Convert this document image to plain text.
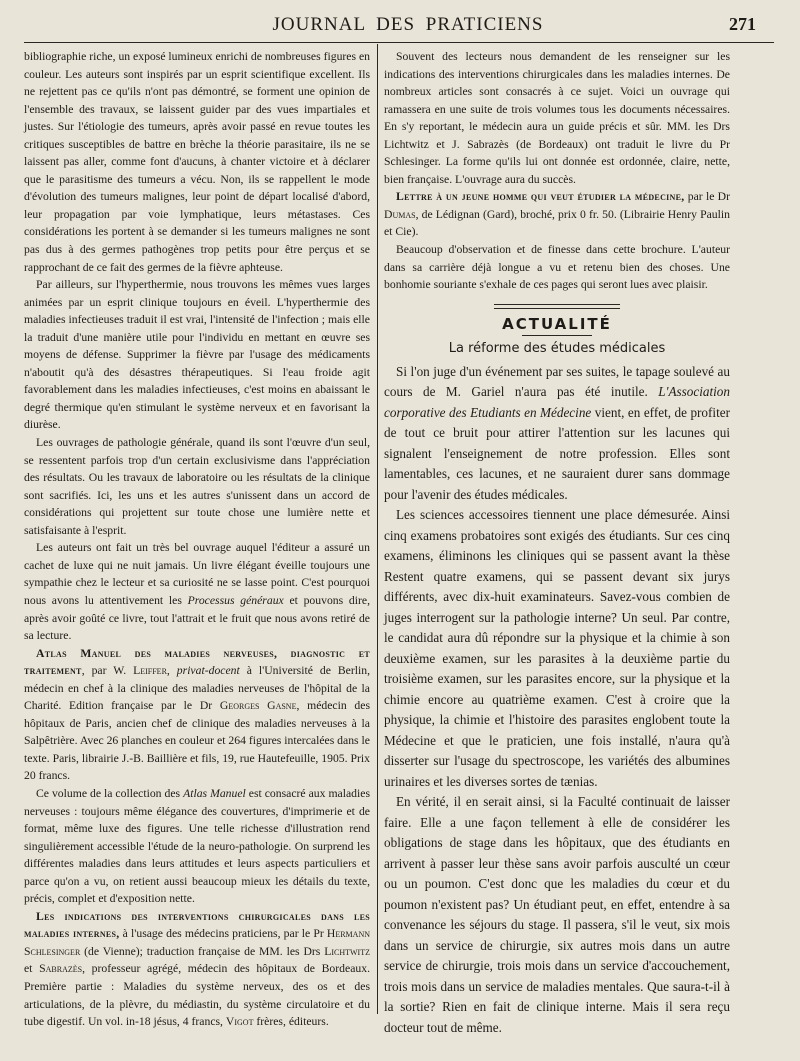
JOURNAL DES PRATICIENS	271

bibliographie riche, un exposé lumineux enrichi de nombreuses figures en couleur. Les auteurs sont inspirés par un esprit scientifique excellent. Ils ne rejettent pas ce qu'ils n'ont pas démontré, se forment une opinion de l'ensemble des travaux, se laissent guider par des vues impartiales et justes. Sur l'étiologie des tumeurs, après avoir passé en revue toutes les critiques susceptibles de battre en brèche la théorie parasitaire, ils ne se laissent pas aller, comme font d'aucuns, à chanter victoire et à déclarer que le parasitisme des tumeurs a vécu. Non, ils se rappellent le mode d'évolution des tumeurs malignes, leur point de départ localisé d'abord, leur propagation par voie lymphatique, leurs métastases. Ces considérations les portent à se demander si les tumeurs malignes ne sont pas dus à des germes pathogènes trop petits pour être perçus et se rapprochant de ce fait des germes de la fièvre aphteuse.

Par ailleurs, sur l'hyperthermie, nous trouvons les mêmes vues larges animées par un esprit clinique toujours en éveil. L'hyperthermie des maladies infectieuses traduit il est vrai, l'intensité de l'infection ; mais elle la traduit d'une manière utile pour l'individu en mettant en œuvre ses moyens de défense. Supprimer la fièvre par l'usage des médicaments n'aboutit qu'à des désastres thérapeutiques. Si l'eau froide agit favorablement dans les maladies infectieuses, c'est moins en abaissant le degré thermique qu'en stimulant le système nerveux et en favorisant la diurèse.

Les ouvrages de pathologie générale, quand ils sont l'œuvre d'un seul, se ressentent parfois trop d'un certain exclusivisme dans l'appréciation des résultats. Ou les travaux de laboratoire ou les résultats de la clinique sont sacrifiés. Ici, les uns et les autres s'unissent dans un accord de considérations qui projettent sur toute chose une lumière nette et satisfaisante à l'esprit.

Les auteurs ont fait un très bel ouvrage auquel l'éditeur a assuré un cachet de luxe qui ne nuit jamais. Un livre élégant éveille toujours une sympathie chez le lecteur et sa curiosité ne se lasse point. C'est pourquoi nous avons lu attentivement les Processus généraux et pouvons dire, après avoir goûté ce livre, tout l'attrait et le fruit que nous avons retiré de sa lecture.

Atlas Manuel des maladies nerveuses, diagnostic et traitement, par W. Leiffer, privat-docent à l'Université de Berlin, médecin en chef à la clinique des maladies nerveuses de l'hôpital de la Charité. Edition française par le Dr Georges Gasne, médecin des hôpitaux de Paris, ancien chef de clinique des maladies nerveuses à la Salpêtrière. Avec 26 planches en couleur et 264 figures intercalées dans le texte. Paris, librairie J.-B. Baillière et fils, 19, rue Hautefeuille, 1905. Prix 20 francs.

Ce volume de la collection des Atlas Manuel est consacré aux maladies nerveuses : toujours même élégance des couvertures, d'imprimerie et de format, même luxe des figures. Une telle richesse d'illustration rend singulièrement accessible l'étude de la neuro-pathologie. On surprend les différentes maladies dans leurs attitudes et leurs aspects particuliers et parce qu'on a vu, on retient aussi beaucoup mieux les détails du texte, précis, complet et d'exposition nette.

Les indications des interventions chirurgicales dans les maladies internes, à l'usage des médecins praticiens, par le Pr Hermann Schlesinger (de Vienne); traduction française de MM. les Drs Lichtwitz et Sabrazès, professeur agrégé, médecin des hôpitaux de Bordeaux. Première partie : Maladies du système nerveux, des os et des articulations, de la plèvre, du médiastin, du système circulatoire et du tube digestif. Un vol. in-18 jésus, 4 francs, Vigot frères, éditeurs.

Souvent des lecteurs nous demandent de les renseigner sur les indications des interventions chirurgicales dans les maladies internes. De nombreux articles sont consacrés à ce sujet. Voici un ouvrage qui ramassera en une suite de trois volumes tous les documents nécessaires. En s'y reportant, le médecin aura un guide précis et sûr. MM. les Drs Lichtwitz et J. Sabrazès (de Bordeaux) ont traduit le livre du Pr Schlesinger. La forme qu'ils lui ont donnée est ordonnée, claire, nette, bien française. L'ouvrage aura du succès.

Lettre à un jeune homme qui veut étudier la médecine, par le Dr Dumas, de Lédignan (Gard), broché, prix 0 fr. 50. (Librairie Henry Paulin et Cie).

Beaucoup d'observation et de finesse dans cette brochure. L'auteur dans sa carrière déjà longue a vu et retenu bien des choses. Une bonhomie souriante s'exhale de ces pages qui seront lues avec plaisir.

ACTUALITÉ
La réforme des études médicales

Si l'on juge d'un événement par ses suites, le tapage soulevé au cours de M. Gariel n'aura pas été inutile. L'Association corporative des Etudiants en Médecine vient, en effet, de profiter de tout ce bruit pour attirer l'attention sur les lacunes qui signalent l'enseignement de notre profession. Elles sont lamentables, ces lacunes, et ne sauraient durer sans dommage pour l'avenir des études médicales.

Les sciences accessoires tiennent une place démesurée. Ainsi cinq examens probatoires sont exigés des étudiants. Sur ces cinq examens, éliminons les cliniques qui se passent avant la thèse Restent quatre examens, qui se passent devant six jurys différents, avec dix-huit examinateurs. Savez-vous combien de juges interrogent sur la pathologie interne? Un seul. Par contre, le candidat aura dû répondre sur la physique et la chimie à son deuxième examen, sur les parasites à la deuxième partie du troisième examen, sur les parasites encore, sur la physique et la chimie encore au quatrième examen. C'est à croire que la physique, la chimie et l'histoire des parasites englobent toute la Médecine et que le praticien, une fois installé, n'aura qu'à disserter sur l'usage du spectroscope, les variétés des albumines urinaires et les diverses sortes de tænias.

En vérité, il en serait ainsi, si la Faculté continuait de laisser faire. Elle a une façon tellement à elle de considérer les obligations de stage dans les hôpitaux, que des étudiants en arrivent à passer leur thèse sans avoir parfois ausculté un cœur ou un poumon. C'est donc que les maladies du cœur et du poumon n'existent pas? Un étudiant peut, en effet, entendre à sa convenance les séjours du stage. Il passera, s'il le veut, six mois dans un service de chirurgie, six autres mois dans un autre service de chirurgie, trois mois dans un service d'accouchement, trois mois dans un service de maladies mentales. Que saura-t-il à la sortie? Rien en fait de clinique interne. Mais il sera reçu docteur tout de même.
